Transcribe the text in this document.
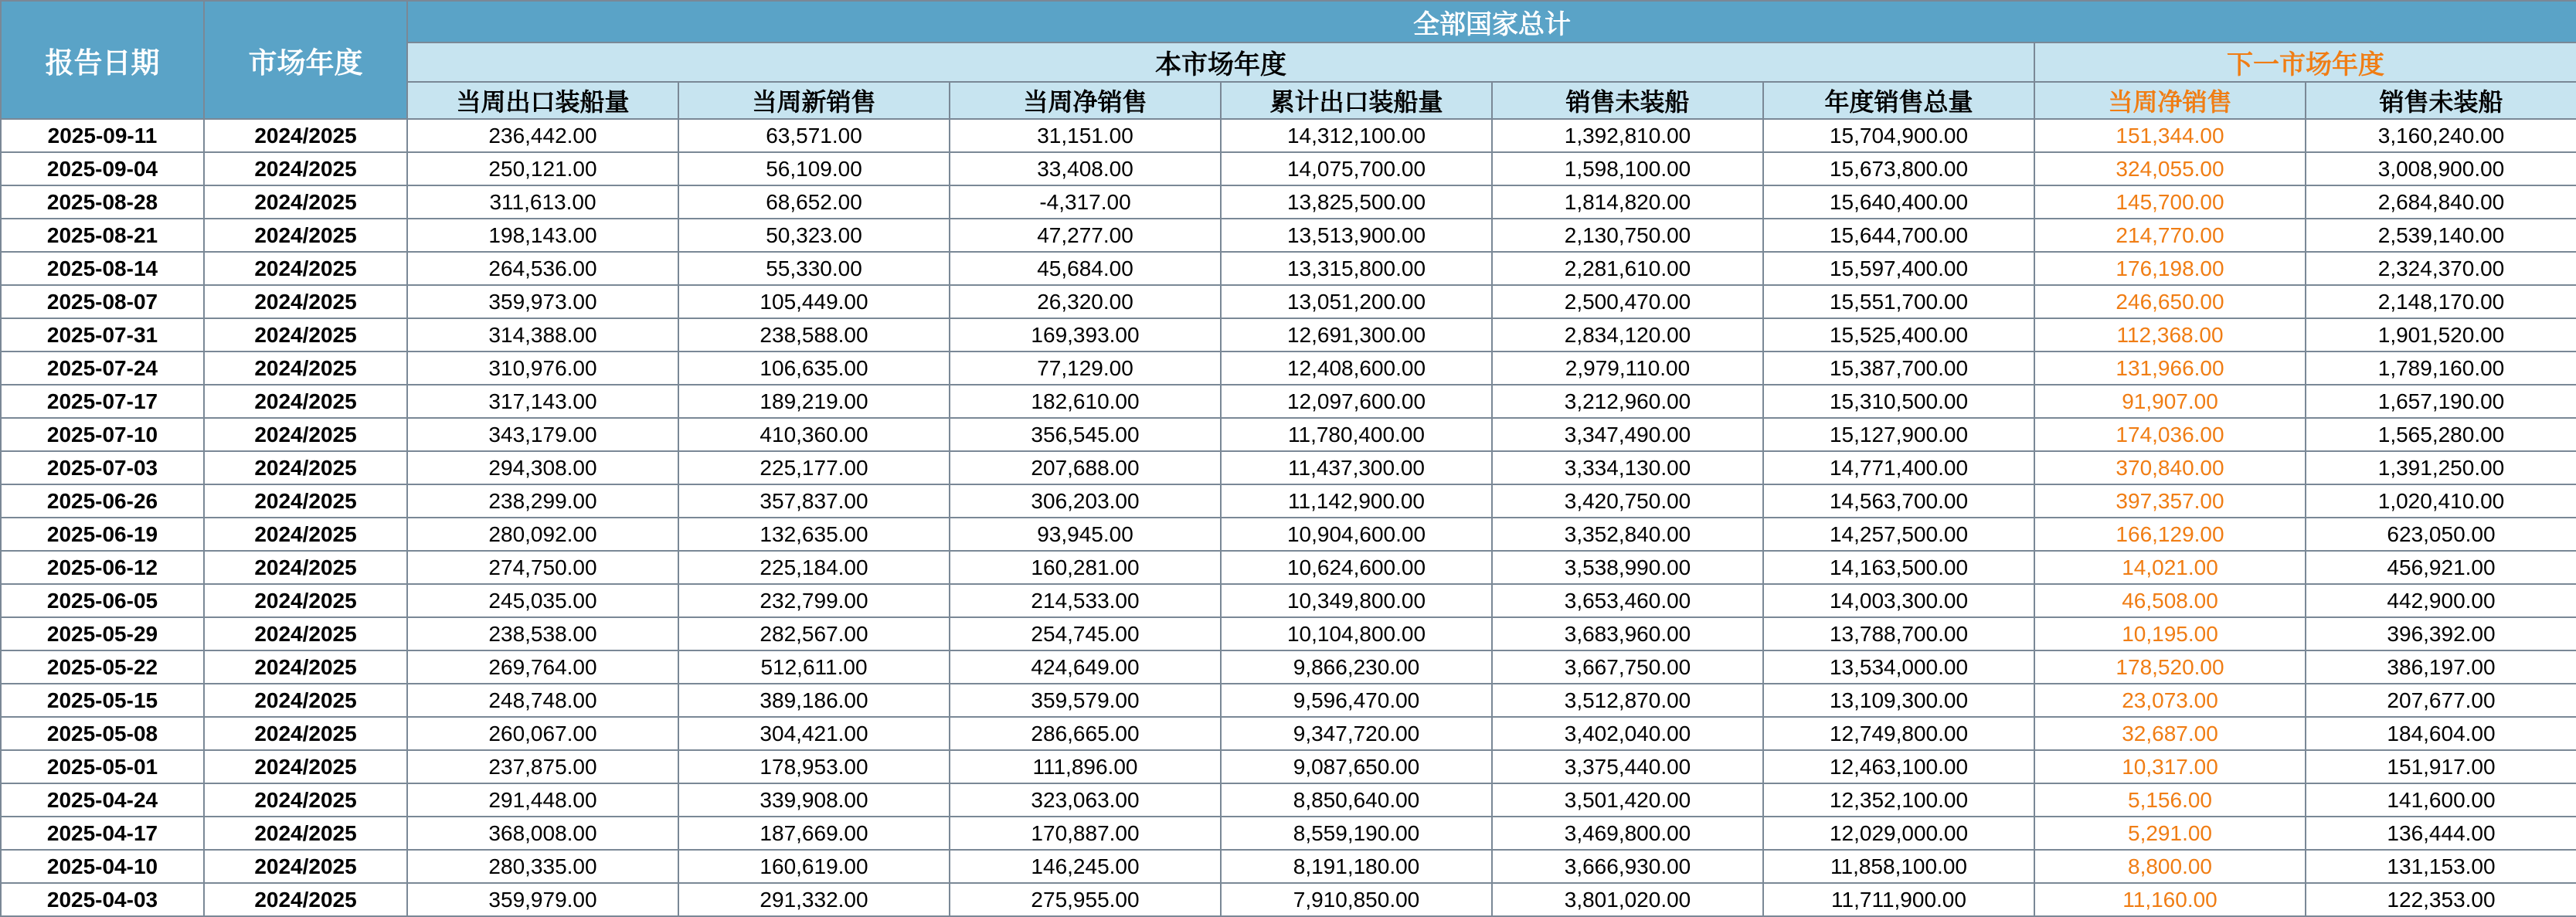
报告日期	市场年度	全部国家总计							
		本市场年度						下一市场年度	
		当周出口装船量	当周新销售	当周净销售	累计出口装船量	销售未装船	年度销售总量	当周净销售	销售未装船
2025-09-11	2024/2025	236,442.00	63,571.00	31,151.00	14,312,100.00	1,392,810.00	15,704,900.00	151,344.00	3,160,240.00
2025-09-04	2024/2025	250,121.00	56,109.00	33,408.00	14,075,700.00	1,598,100.00	15,673,800.00	324,055.00	3,008,900.00
2025-08-28	2024/2025	311,613.00	68,652.00	-4,317.00	13,825,500.00	1,814,820.00	15,640,400.00	145,700.00	2,684,840.00
2025-08-21	2024/2025	198,143.00	50,323.00	47,277.00	13,513,900.00	2,130,750.00	15,644,700.00	214,770.00	2,539,140.00
2025-08-14	2024/2025	264,536.00	55,330.00	45,684.00	13,315,800.00	2,281,610.00	15,597,400.00	176,198.00	2,324,370.00
2025-08-07	2024/2025	359,973.00	105,449.00	26,320.00	13,051,200.00	2,500,470.00	15,551,700.00	246,650.00	2,148,170.00
2025-07-31	2024/2025	314,388.00	238,588.00	169,393.00	12,691,300.00	2,834,120.00	15,525,400.00	112,368.00	1,901,520.00
2025-07-24	2024/2025	310,976.00	106,635.00	77,129.00	12,408,600.00	2,979,110.00	15,387,700.00	131,966.00	1,789,160.00
2025-07-17	2024/2025	317,143.00	189,219.00	182,610.00	12,097,600.00	3,212,960.00	15,310,500.00	91,907.00	1,657,190.00
2025-07-10	2024/2025	343,179.00	410,360.00	356,545.00	11,780,400.00	3,347,490.00	15,127,900.00	174,036.00	1,565,280.00
2025-07-03	2024/2025	294,308.00	225,177.00	207,688.00	11,437,300.00	3,334,130.00	14,771,400.00	370,840.00	1,391,250.00
2025-06-26	2024/2025	238,299.00	357,837.00	306,203.00	11,142,900.00	3,420,750.00	14,563,700.00	397,357.00	1,020,410.00
2025-06-19	2024/2025	280,092.00	132,635.00	93,945.00	10,904,600.00	3,352,840.00	14,257,500.00	166,129.00	623,050.00
2025-06-12	2024/2025	274,750.00	225,184.00	160,281.00	10,624,600.00	3,538,990.00	14,163,500.00	14,021.00	456,921.00
2025-06-05	2024/2025	245,035.00	232,799.00	214,533.00	10,349,800.00	3,653,460.00	14,003,300.00	46,508.00	442,900.00
2025-05-29	2024/2025	238,538.00	282,567.00	254,745.00	10,104,800.00	3,683,960.00	13,788,700.00	10,195.00	396,392.00
2025-05-22	2024/2025	269,764.00	512,611.00	424,649.00	9,866,230.00	3,667,750.00	13,534,000.00	178,520.00	386,197.00
2025-05-15	2024/2025	248,748.00	389,186.00	359,579.00	9,596,470.00	3,512,870.00	13,109,300.00	23,073.00	207,677.00
2025-05-08	2024/2025	260,067.00	304,421.00	286,665.00	9,347,720.00	3,402,040.00	12,749,800.00	32,687.00	184,604.00
2025-05-01	2024/2025	237,875.00	178,953.00	111,896.00	9,087,650.00	3,375,440.00	12,463,100.00	10,317.00	151,917.00
2025-04-24	2024/2025	291,448.00	339,908.00	323,063.00	8,850,640.00	3,501,420.00	12,352,100.00	5,156.00	141,600.00
2025-04-17	2024/2025	368,008.00	187,669.00	170,887.00	8,559,190.00	3,469,800.00	12,029,000.00	5,291.00	136,444.00
2025-04-10	2024/2025	280,335.00	160,619.00	146,245.00	8,191,180.00	3,666,930.00	11,858,100.00	8,800.00	131,153.00
2025-04-03	2024/2025	359,979.00	291,332.00	275,955.00	7,910,850.00	3,801,020.00	11,711,900.00	11,160.00	122,353.00
